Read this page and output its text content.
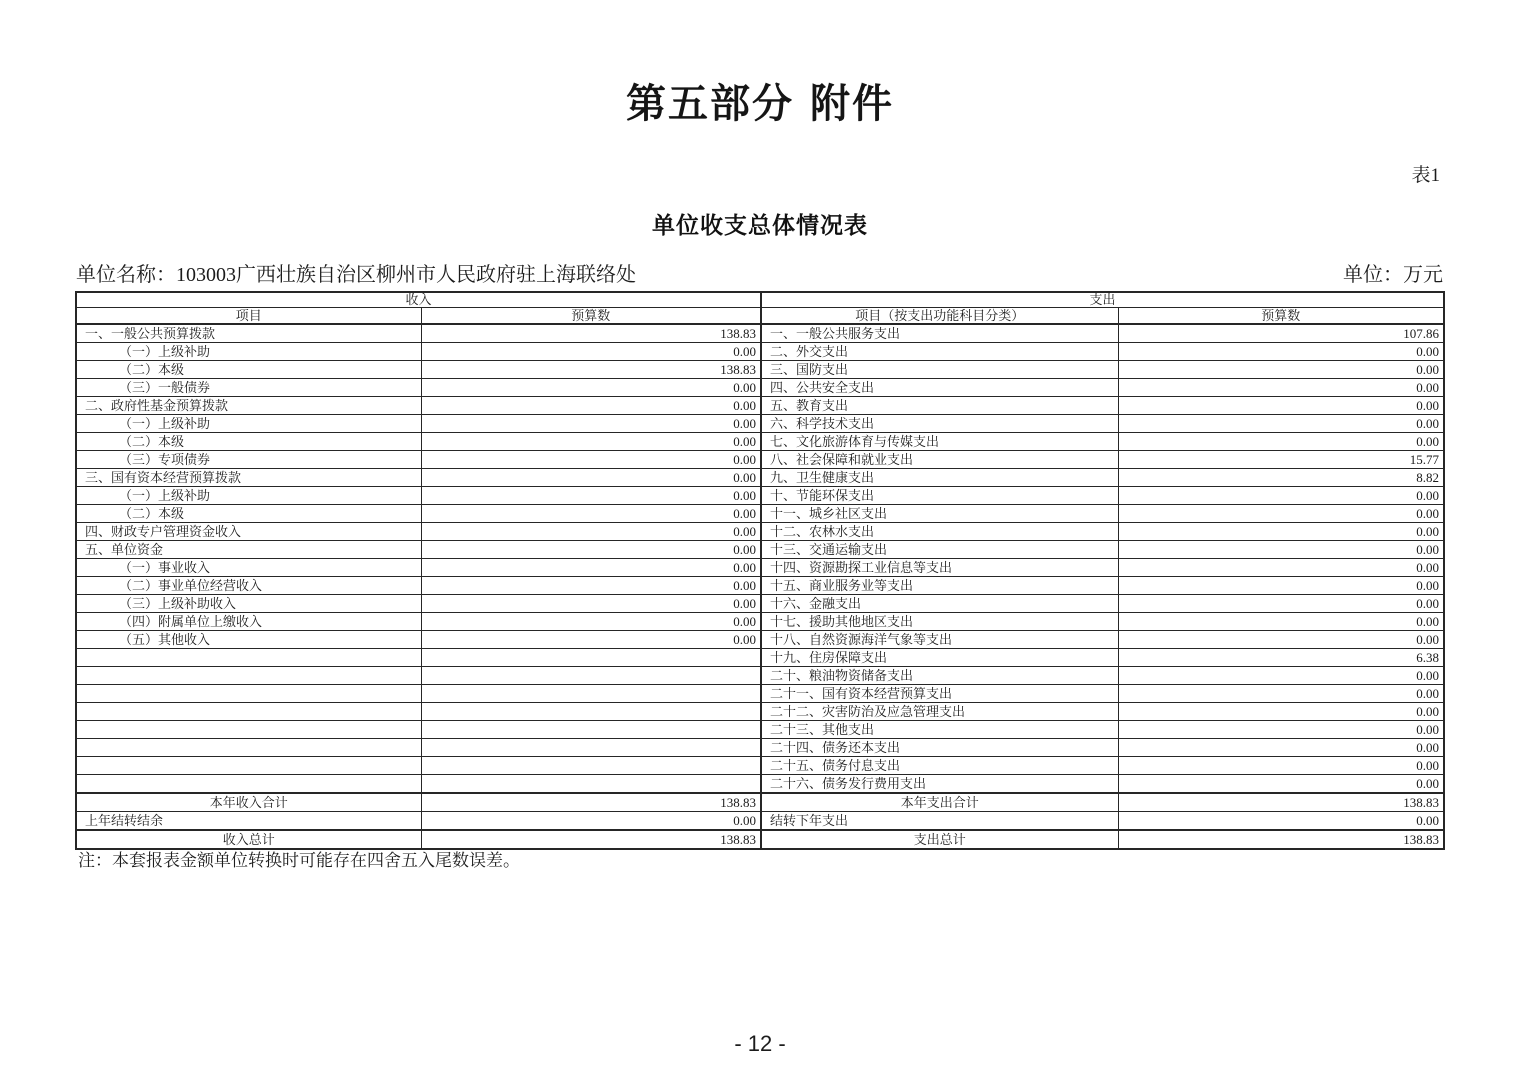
第五部分 附件
表1
单位收支总体情况表
单位名称：103003广西壮族自治区柳州市人民政府驻上海联络处	单位：万元
收入		支出	
项目	预算数	项目（按支出功能科目分类）	预算数
一、一般公共预算拨款	138.83	一、一般公共服务支出	107.86
（一）上级补助	0.00	二、外交支出	0.00
（二）本级	138.83	三、国防支出	0.00
（三）一般债券	0.00	四、公共安全支出	0.00
二、政府性基金预算拨款	0.00	五、教育支出	0.00
（一）上级补助	0.00	六、科学技术支出	0.00
（二）本级	0.00	七、文化旅游体育与传媒支出	0.00
（三）专项债券	0.00	八、社会保障和就业支出	15.77
三、国有资本经营预算拨款	0.00	九、卫生健康支出	8.82
（一）上级补助	0.00	十、节能环保支出	0.00
（二）本级	0.00	十一、城乡社区支出	0.00
四、财政专户管理资金收入	0.00	十二、农林水支出	0.00
五、单位资金	0.00	十三、交通运输支出	0.00
（一）事业收入	0.00	十四、资源勘探工业信息等支出	0.00
（二）事业单位经营收入	0.00	十五、商业服务业等支出	0.00
（三）上级补助收入	0.00	十六、金融支出	0.00
（四）附属单位上缴收入	0.00	十七、援助其他地区支出	0.00
（五）其他收入	0.00	十八、自然资源海洋气象等支出	0.00
		十九、住房保障支出	6.38
		二十、粮油物资储备支出	0.00
		二十一、国有资本经营预算支出	0.00
		二十二、灾害防治及应急管理支出	0.00
		二十三、其他支出	0.00
		二十四、债务还本支出	0.00
		二十五、债务付息支出	0.00
		二十六、债务发行费用支出	0.00
本年收入合计	138.83	本年支出合计	138.83
上年结转结余	0.00	结转下年支出	0.00
收入总计	138.83	支出总计	138.83
注：本套报表金额单位转换时可能存在四舍五入尾数误差。
- 12 -
